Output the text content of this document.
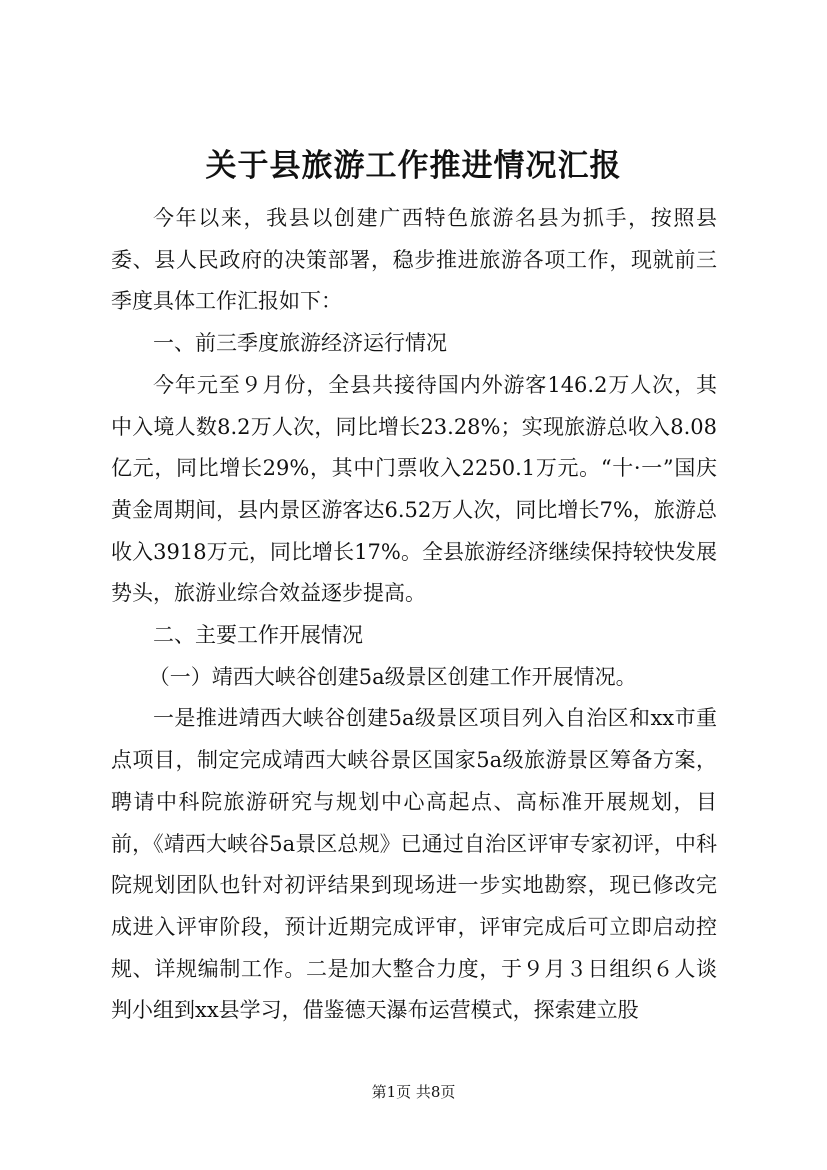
关于县旅游工作推进情况汇报

今年以来，我县以创建广西特色旅游名县为抓手，按照县委、县人民政府的决策部署，稳步推进旅游各项工作，现就前三季度具体工作汇报如下：

一、前三季度旅游经济运行情况

今年元至９月份，全县共接待国内外游客146.2万人次，其中入境人数8.2万人次，同比增长23.28%；实现旅游总收入8.08亿元，同比增长29%，其中门票收入2250.1万元。“十·一”国庆黄金周期间，县内景区游客达6.52万人次，同比增长7%，旅游总收入3918万元，同比增长17%。全县旅游经济继续保持较快发展势头，旅游业综合效益逐步提高。

二、主要工作开展情况

（一）靖西大峡谷创建5a级景区创建工作开展情况。

一是推进靖西大峡谷创建5a级景区项目列入自治区和xx市重点项目，制定完成靖西大峡谷景区国家5a级旅游景区筹备方案，聘请中科院旅游研究与规划中心高起点、高标准开展规划，目前，《靖西大峡谷5a景区总规》已通过自治区评审专家初评，中科院规划团队也针对初评结果到现场进一步实地勘察，现已修改完成进入评审阶段，预计近期完成评审，评审完成后可立即启动控规、详规编制工作。二是加大整合力度，于９月３日组织６人谈判小组到xx县学习，借鉴德天瀑布运营模式，探索建立股

第1页 共8页
